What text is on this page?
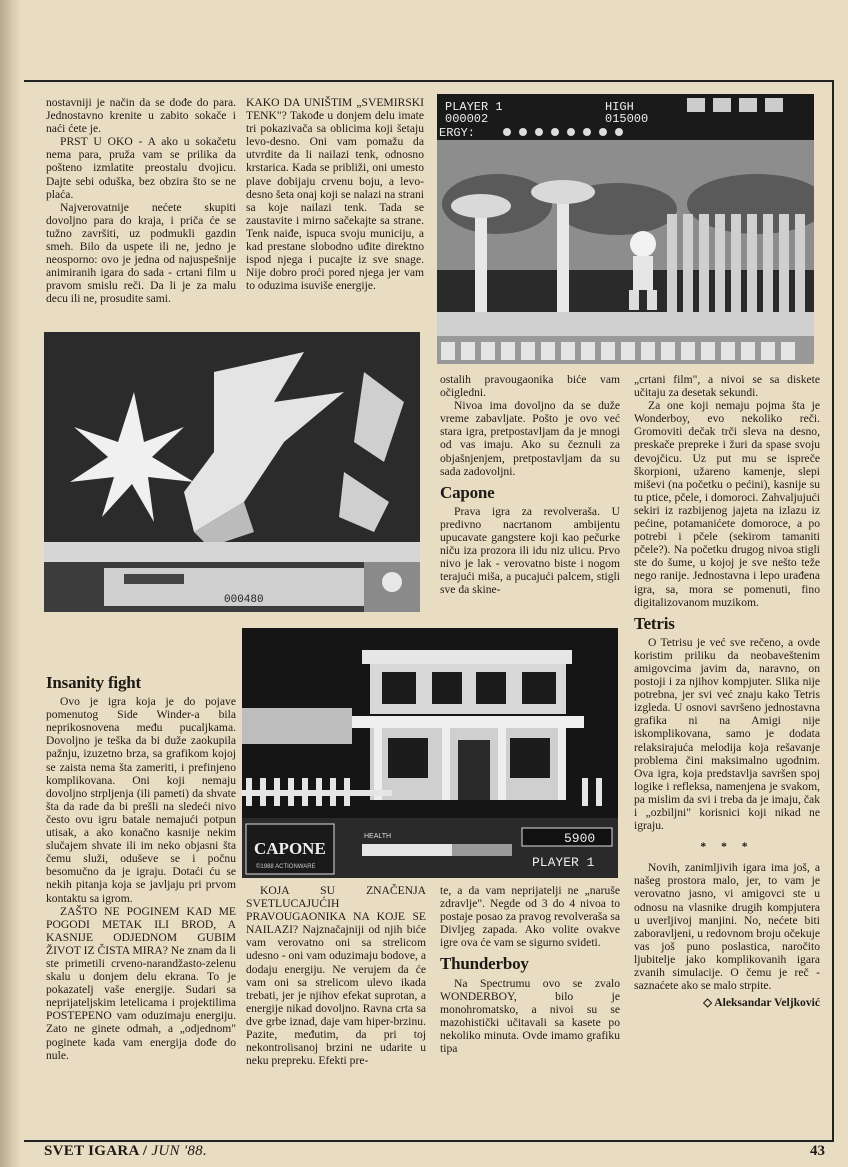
nostavniji je način da se dođe do para. Jednostavno krenite u zabito sokače i naći ćete je.

PRST U OKO - A ako u sokačetu nema para, pruža vam se prilika da pošteno izmlatite preostalu dvojicu. Dajte sebi oduška, bez obzira što se ne plaća.

Najverovatnije nećete skupiti dovoljno para do kraja, i priča će se tužno završiti, uz podmukli gazdin smeh. Bilo da uspete ili ne, jedno je neosporno: ovo je jedna od najuspešnije animiranih igara do sada - crtani film u pravom smislu reči. Da li je za malu decu ili ne, prosudite sami.

KAKO DA UNIŠTIM „SVEMIRSKI TENK"? Takođe u donjem delu imate tri pokazivača sa oblicima koji šetaju levo-desno. Oni vam pomažu da utvrdite da li nailazi tenk, odnosno krstarica. Kada se približi, oni umesto plave dobijaju crvenu boju, a levo-desno šeta onaj koji se nalazi na strani sa koje nailazi tenk. Tada se zaustavite i mirno sačekajte sa strane. Tenk naiđe, ispuca svoju municiju, a kad prestane slobodno uđite direktno ispod njega i pucajte iz sve snage. Nije dobro proći pored njega jer vam to oduzima isuviše energije.

PLAYER 1
000002
HIGH
015000
ERGY:
000480
CAPONE
©1988 ACTIONWARE
HEALTH	5900
PLAYER 1

ostalih pravougaonika biće vam očigledni.

Nivoa ima dovoljno da se duže vreme zabavljate. Pošto je ovo već stara igra, pretpostavljam da je mnogi od vas imaju. Ako su čeznuli za objašnjenjem, pretpostavljam da su sada zadovoljni.

Capone

Prava igra za revolveraša. U predivno nacrtanom ambijentu upucavate gangstere koji kao pečurke niču iza prozora ili idu niz ulicu. Prvo nivo je lak - verovatno biste i nogom terajući miša, a pucajući palcem, stigli sve da skine-

„crtani film", a nivoi se sa diskete učitaju za desetak sekundi.

Za one koji nemaju pojma šta je Wonderboy, evo nekoliko reči. Gromoviti dečak trči sleva na desno, preskače prepreke i žuri da spase svoju devojčicu. Uz put mu se ispreče škorpioni, užareno kamenje, slepi miševi (na početku o pećini), kasnije su tu ptice, pčele, i domoroci. Zahvaljujući sekiri iz razbijenog jajeta na izlazu iz pećine, potamanićete domoroce, a po potrebi i pčele (sekirom tamaniti pčele?). Na početku drugog nivoa stigli ste do šume, u kojoj je sve nešto teže nego ranije. Jednostavna i lepo urađena igra, sa, mora se pomenuti, fino digitalizovanom muzikom.

Tetris

O Tetrisu je već sve rečeno, a ovde koristim priliku da neobaveštenim amigovcima javim da, naravno, on postoji i za njihov kompjuter. Slika nije potrebna, jer svi već znaju kako Tetris izgleda. U osnovi savršeno jednostavna grafika ni na Amigi nije iskomplikovana, samo je dodata relaksirajuća melodija koja rešavanje problema čini maksimalno ugodnim. Ova igra, koja predstavlja savršen spoj logike i refleksa, namenjena je svakom, pa mislim da svi i treba da je imaju, čak i „ozbiljni" korisnici koji nikad ne igraju.

* * *

Novih, zanimljivih igara ima još, a našeg prostora malo, jer, to vam je verovatno jasno, vi amigovci ste u odnosu na vlasnike drugih kompjutera u uverljivoj manjini. No, nećete biti zaboravljeni, u redovnom broju očekuje vas još puno poslastica, naročito ljubitelje jako komplikovanih igara zvanih simulacije. O čemu je reč - saznaćete ako se malo strpite.

◇ Aleksandar Veljković
Insanity fight

Ovo je igra koja je do pojave pomenutog Side Winder-a bila neprikosnovena među pucaljkama. Dovoljno je teška da bi duže zaokupila pažnju, izuzetno brza, sa grafikom kojoj se zaista nema šta zameriti, i prefinjeno komplikovana. Oni koji nemaju dovoljno strpljenja (ili pameti) da shvate šta da rade da bi prešli na sledeći nivo često ovu igru batale nemajući potpun utisak, a ako konačno kasnije nekim slučajem shvate ili im neko objasni šta čemu služi, oduševe se i počnu besomučno da je igraju. Dotaći ću se nekih pitanja koja se javljaju pri prvom kontaktu sa igrom.

ZAŠTO NE POGINEM KAD ME POGODI METAK ILI BROD, A KASNIJE ODJEDNOM GUBIM ŽIVOT IZ ČISTA MIRA? Ne znam da li ste primetili crveno-narandžasto-zelenu skalu u donjem delu ekrana. To je pokazatelj vaše energije. Sudari sa neprijateljskim letelicama i projektilima POSTEPENO vam oduzimaju energiju. Zato ne ginete odmah, a „odjednom" poginete kada vam energija dođe do nule.

KOJA SU ZNAČENJA SVETLUCAJUĆIH PRAVOUGAONIKA NA KOJE SE NAILAZI? Najznačajniji od njih biće vam verovatno oni sa strelicom udesno - oni vam oduzimaju bodove, a dodaju energiju. Ne verujem da će vam oni sa strelicom ulevo ikada trebati, jer je njihov efekat suprotan, a energije nikad dovoljno. Ravna crta sa dve grbe iznad, daje vam hiper-brzinu. Pazite, međutim, da pri toj nekontrolisanoj brzini ne udarite u neku prepreku. Efekti pre-

te, a da vam neprijatelji ne „naruše zdravlje". Negde od 3 do 4 nivoa to postaje posao za pravog revolveraša sa Divljeg zapada. Ako volite ovakve igre ova će vam se sigurno svideti.

Thunderboy

Na Spectrumu ovo se zvalo WONDERBOY, bilo je monohromatsko, a nivoi su se mazohistički učitavali sa kasete po nekoliko minuta. Ovde imamo grafiku tipa

SVET IGARA / JUN '88.	43
